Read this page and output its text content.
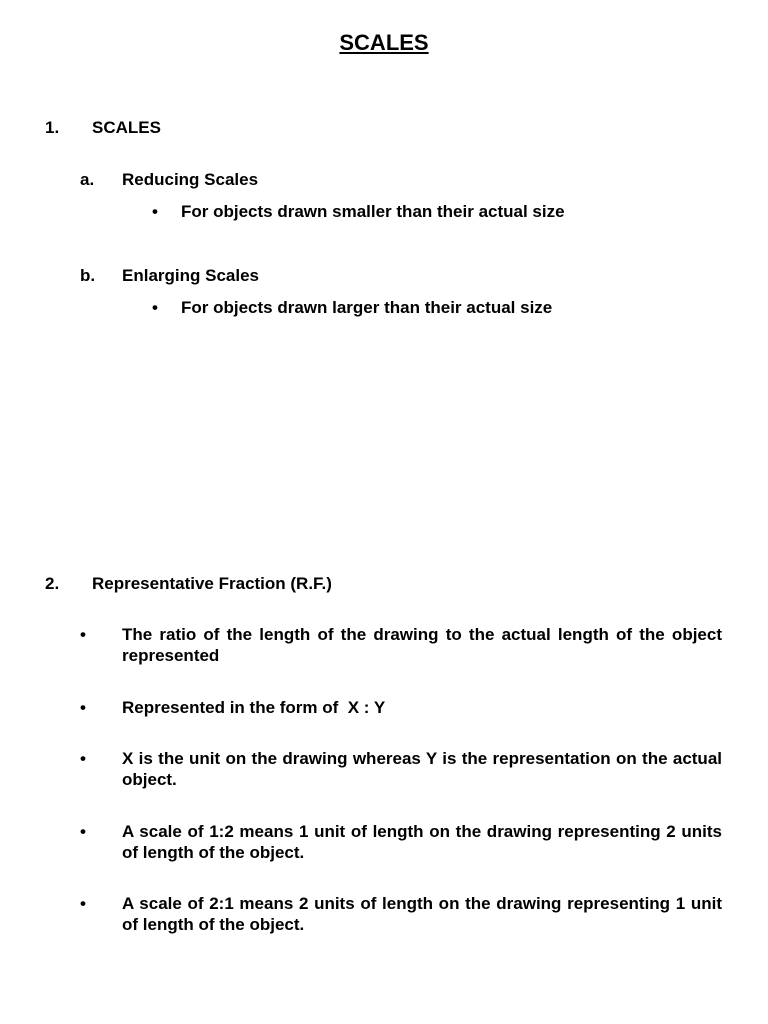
SCALES
1. SCALES
a. Reducing Scales
• For objects drawn smaller than their actual size
b. Enlarging Scales
• For objects drawn larger than their actual size
2. Representative Fraction (R.F.)
• The ratio of the length of the drawing to the actual length of the object represented
• Represented in the form of  X : Y
• X is the unit on the drawing whereas Y is the representation on the actual object.
• A scale of 1:2 means 1 unit of length on the drawing representing 2 units of length of the object.
• A scale of 2:1 means 2 units of length on the drawing representing 1 unit of length of the object.
